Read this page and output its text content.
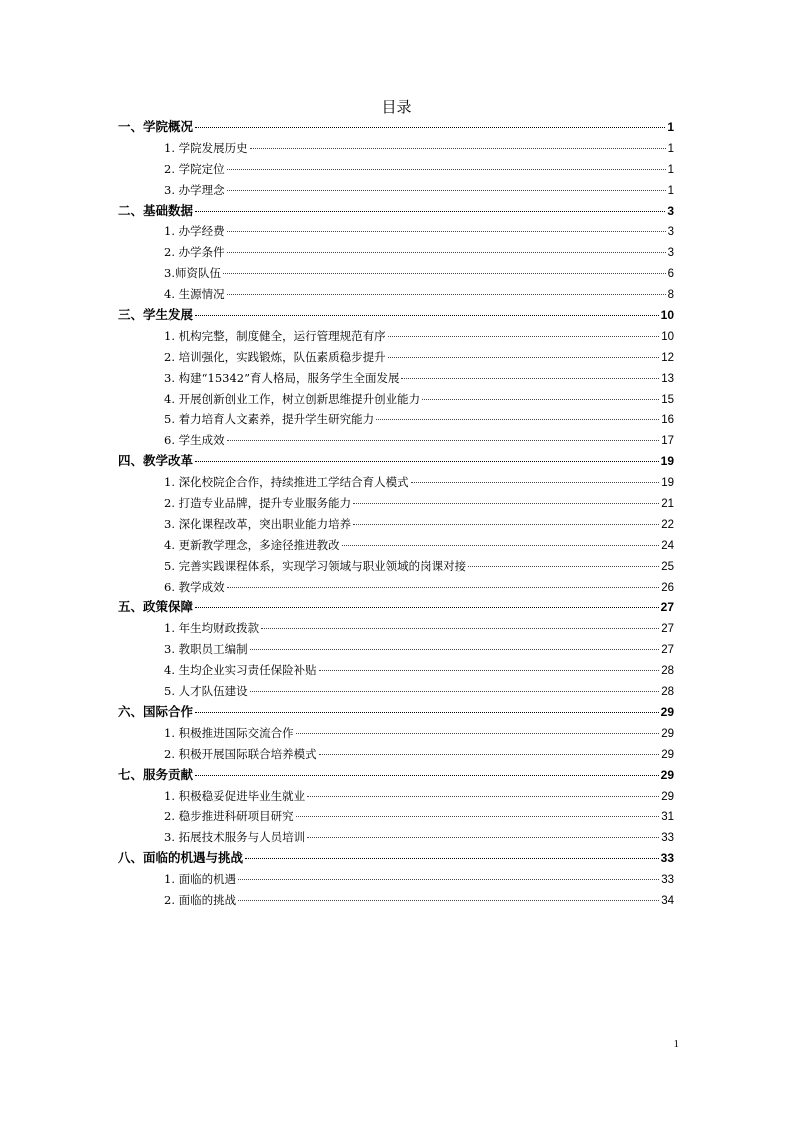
目录
一、学院概况	1
1. 学院发展历史	1
2. 学院定位	1
3. 办学理念	1
二、基础数据	3
1. 办学经费	3
2. 办学条件	3
3.师资队伍	6
4. 生源情况	8
三、学生发展	10
1. 机构完整，制度健全，运行管理规范有序	10
2. 培训强化，实践锻炼，队伍素质稳步提升	12
3. 构建“15342”育人格局，服务学生全面发展	13
4. 开展创新创业工作，树立创新思维提升创业能力	15
5. 着力培育人文素养，提升学生研究能力	16
6. 学生成效	17
四、教学改革	19
1. 深化校院企合作，持续推进工学结合育人模式	19
2. 打造专业品牌，提升专业服务能力	21
3. 深化课程改革，突出职业能力培养	22
4. 更新教学理念，多途径推进教改	24
5. 完善实践课程体系，实现学习领域与职业领域的岗课对接	25
6. 教学成效	26
五、政策保障	27
1. 年生均财政拨款	27
3. 教职员工编制	27
4. 生均企业实习责任保险补贴	28
5. 人才队伍建设	28
六、国际合作	29
1. 积极推进国际交流合作	29
2. 积极开展国际联合培养模式	29
七、服务贡献	29
1. 积极稳妥促进毕业生就业	29
2. 稳步推进科研项目研究	31
3. 拓展技术服务与人员培训	33
八、面临的机遇与挑战	33
1. 面临的机遇	33
2. 面临的挑战	34
1
